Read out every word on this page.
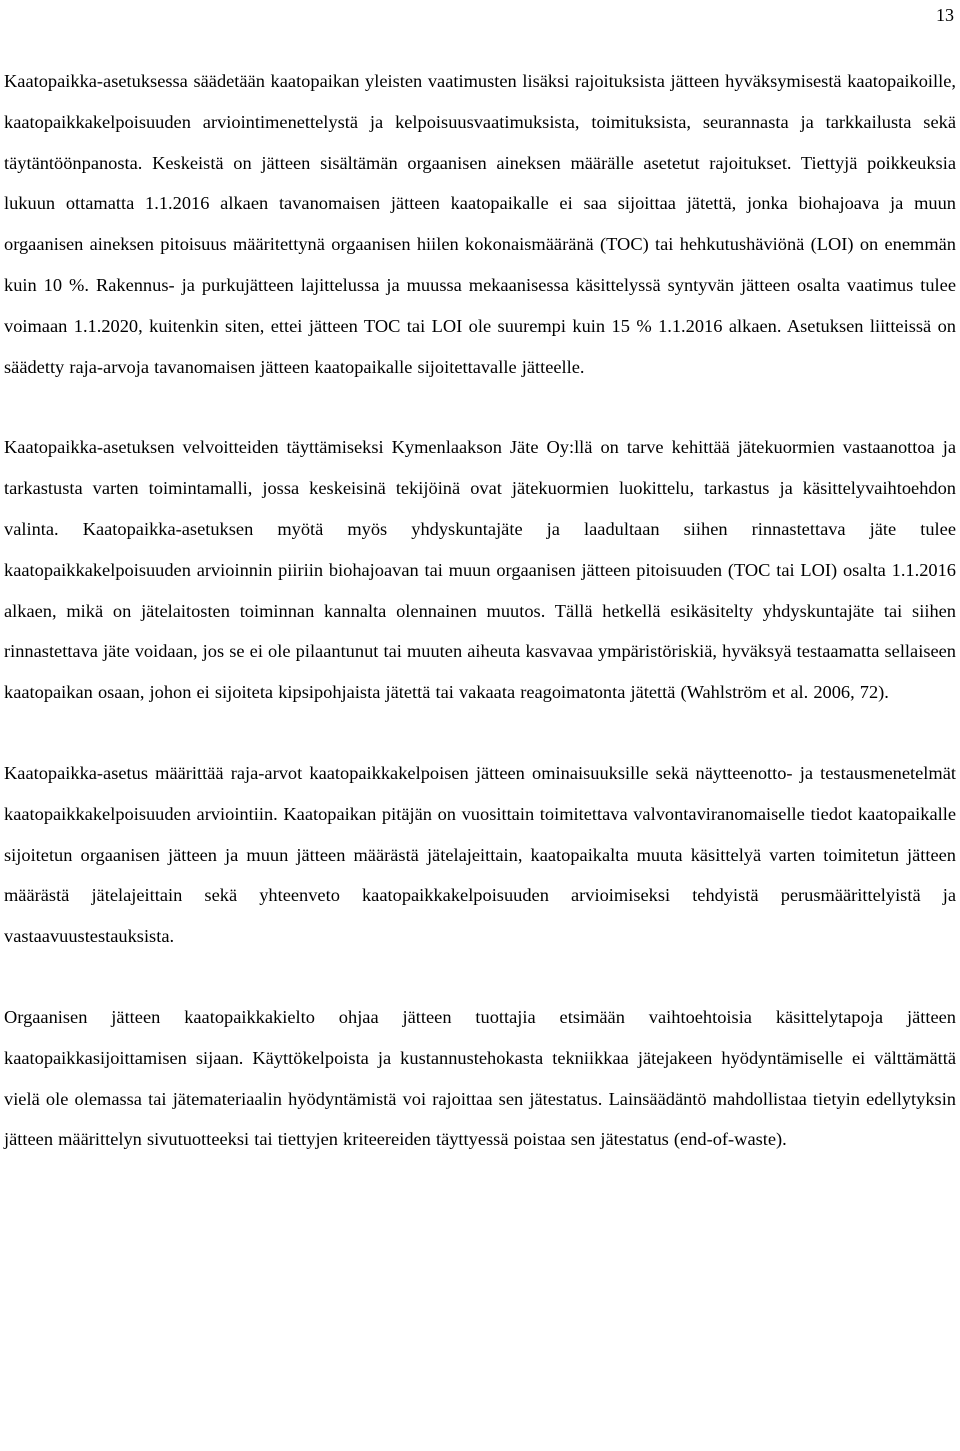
13

Kaatopaikka-asetuksessa säädetään kaatopaikan yleisten vaatimusten lisäksi rajoituksista jätteen hyväksymisestä kaatopaikoille, kaatopaikkakelpoisuuden arviointimenettelystä ja kelpoisuusvaatimuksista, toimituksista, seurannasta ja tarkkailusta sekä täytäntöönpanosta. Keskeistä on jätteen sisältämän orgaanisen aineksen määrälle asetetut rajoitukset. Tiettyjä poikkeuksia lukuun ottamatta 1.1.2016 alkaen tavanomaisen jätteen kaatopaikalle ei saa sijoittaa jätettä, jonka biohajoava ja muun orgaanisen aineksen pitoisuus määritettynä orgaanisen hiilen kokonaismääränä (TOC) tai hehkutushäviönä (LOI) on enemmän kuin 10 %. Rakennus- ja purkujätteen lajittelussa ja muussa mekaanisessa käsittelyssä syntyvän jätteen osalta vaatimus tulee voimaan 1.1.2020, kuitenkin siten, ettei jätteen TOC tai LOI ole suurempi kuin 15 % 1.1.2016 alkaen. Asetuksen liitteissä on säädetty raja-arvoja tavanomaisen jätteen kaatopaikalle sijoitettavalle jätteelle.

Kaatopaikka-asetuksen velvoitteiden täyttämiseksi Kymenlaakson Jäte Oy:llä on tarve kehittää jätekuormien vastaanottoa ja tarkastusta varten toimintamalli, jossa keskeisinä tekijöinä ovat jätekuormien luokittelu, tarkastus ja käsittelyvaihtoehdon valinta. Kaatopaikka-asetuksen myötä myös yhdyskuntajäte ja laadultaan siihen rinnastettava jäte tulee kaatopaikkakelpoisuuden arvioinnin piiriin biohajoavan tai muun orgaanisen jätteen pitoisuuden (TOC tai LOI) osalta 1.1.2016 alkaen, mikä on jätelaitosten toiminnan kannalta olennainen muutos. Tällä hetkellä esikäsitelty yhdyskuntajäte tai siihen rinnastettava jäte voidaan, jos se ei ole pilaantunut tai muuten aiheuta kasvavaa ympäristöriskiä, hyväksyä testaamatta sellaiseen kaatopaikan osaan, johon ei sijoiteta kipsipohjaista jätettä tai vakaata reagoimatonta jätettä (Wahlström et al. 2006, 72).

Kaatopaikka-asetus määrittää raja-arvot kaatopaikkakelpoisen jätteen ominaisuuksille sekä näytteenotto- ja testausmenetelmät kaatopaikkakelpoisuuden arviointiin. Kaatopaikan pitäjän on vuosittain toimitettava valvontaviranomaiselle tiedot kaatopaikalle sijoitetun orgaanisen jätteen ja muun jätteen määrästä jätelajeittain, kaatopaikalta muuta käsittelyä varten toimitetun jätteen määrästä jätelajeittain sekä yhteenveto kaatopaikkakelpoisuuden arvioimiseksi tehdyistä perusmäärittelyistä ja vastaavuustestauksista.

Orgaanisen jätteen kaatopaikkakielto ohjaa jätteen tuottajia etsimään vaihtoehtoisia käsittelytapoja jätteen kaatopaikkasijoittamisen sijaan. Käyttökelpoista ja kustannustehokasta tekniikkaa jätejakeen hyödyntämiselle ei välttämättä vielä ole olemassa tai jätemateriaalin hyödyntämistä voi rajoittaa sen jätestatus. Lainsäädäntö mahdollistaa tietyin edellytyksin jätteen määrittelyn sivutuotteeksi tai tiettyjen kriteereiden täyttyessä poistaa sen jätestatus (end-of-waste).
